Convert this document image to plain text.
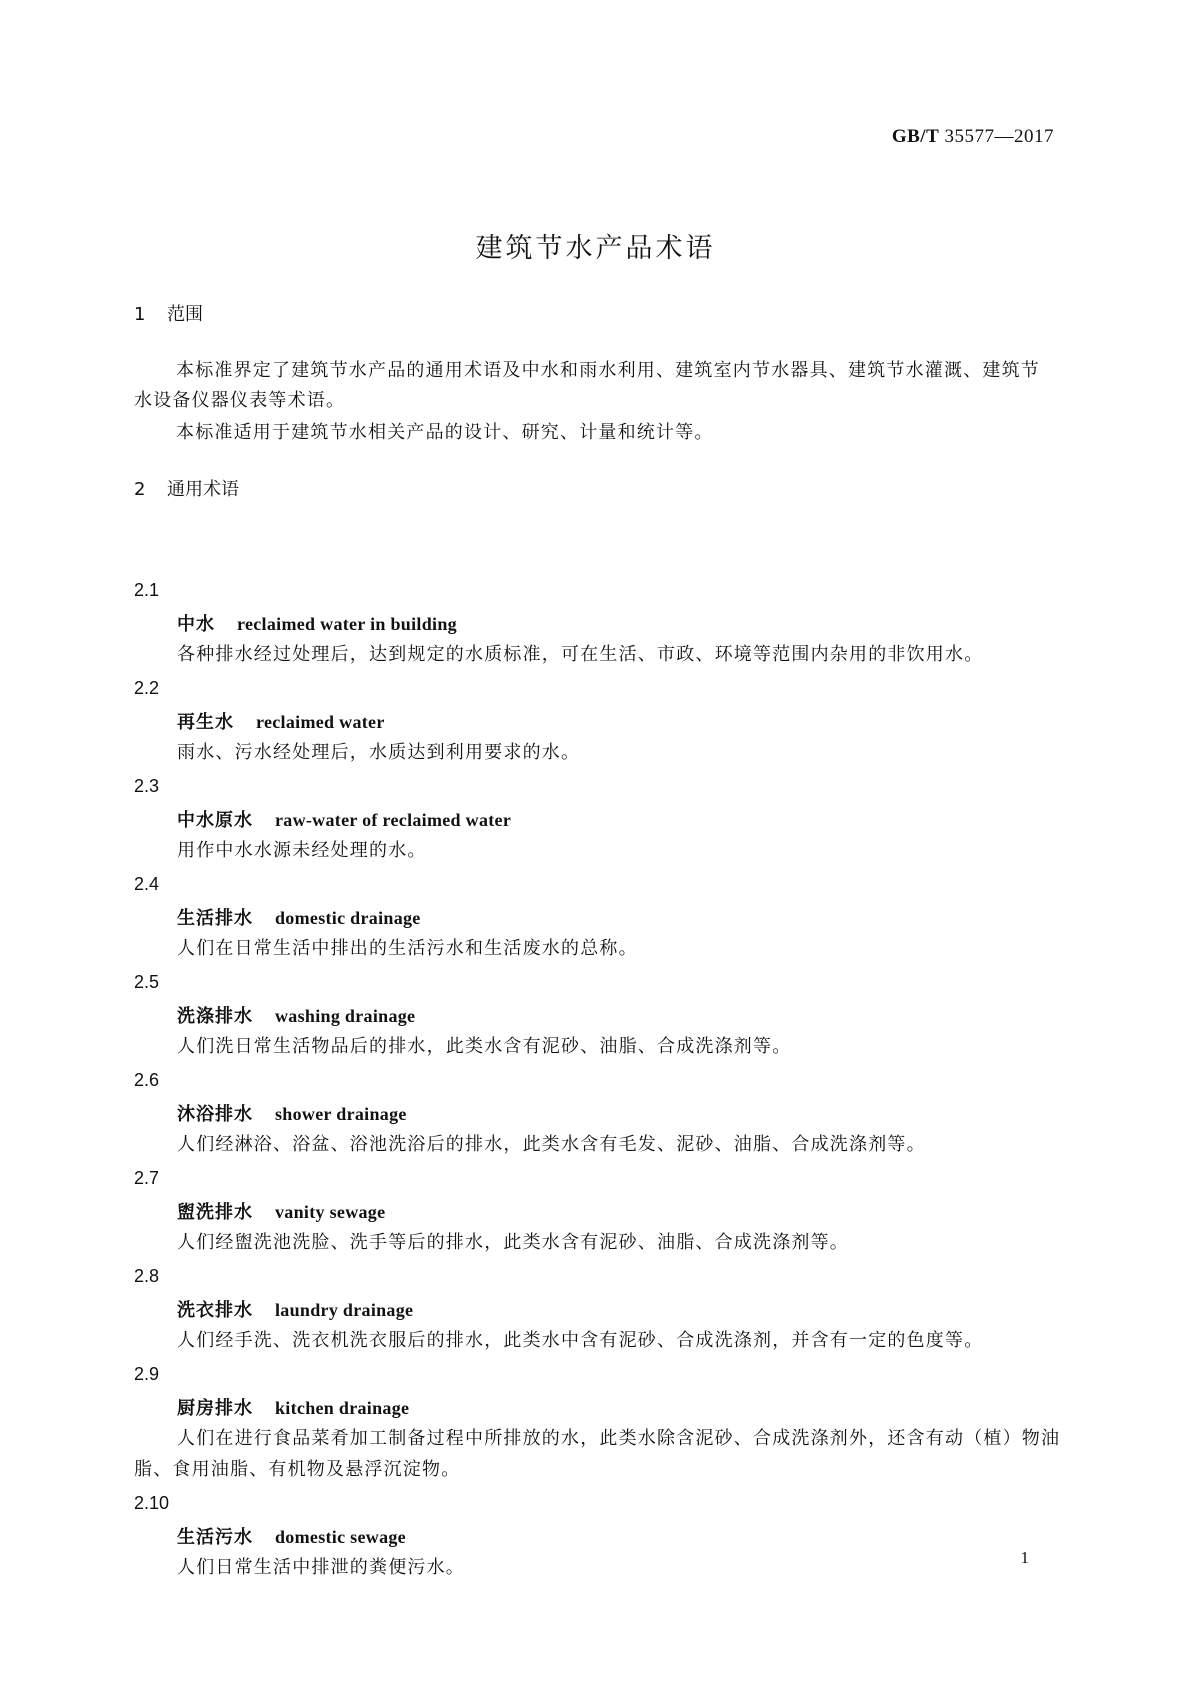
GB/T 35577—2017
建筑节水产品术语
1 范围
本标准界定了建筑节水产品的通用术语及中水和雨水利用、建筑室内节水器具、建筑节水灌溉、建筑节水设备仪器仪表等术语。
本标准适用于建筑节水相关产品的设计、研究、计量和统计等。
2 通用术语
2.1
中水 reclaimed water in building
各种排水经过处理后，达到规定的水质标准，可在生活、市政、环境等范围内杂用的非饮用水。
2.2
再生水 reclaimed water
雨水、污水经处理后，水质达到利用要求的水。
2.3
中水原水 raw-water of reclaimed water
用作中水水源未经处理的水。
2.4
生活排水 domestic drainage
人们在日常生活中排出的生活污水和生活废水的总称。
2.5
洗涤排水 washing drainage
人们洗日常生活物品后的排水，此类水含有泥砂、油脂、合成洗涤剂等。
2.6
沐浴排水 shower drainage
人们经淋浴、浴盆、浴池洗浴后的排水，此类水含有毛发、泥砂、油脂、合成洗涤剂等。
2.7
盥洗排水 vanity sewage
人们经盥洗池洗脸、洗手等后的排水，此类水含有泥砂、油脂、合成洗涤剂等。
2.8
洗衣排水 laundry drainage
人们经手洗、洗衣机洗衣服后的排水，此类水中含有泥砂、合成洗涤剂，并含有一定的色度等。
2.9
厨房排水 kitchen drainage
人们在进行食品菜肴加工制备过程中所排放的水，此类水除含泥砂、合成洗涤剂外，还含有动（植）物油脂、食用油脂、有机物及悬浮沉淀物。
2.10
生活污水 domestic sewage
人们日常生活中排泄的粪便污水。	1
